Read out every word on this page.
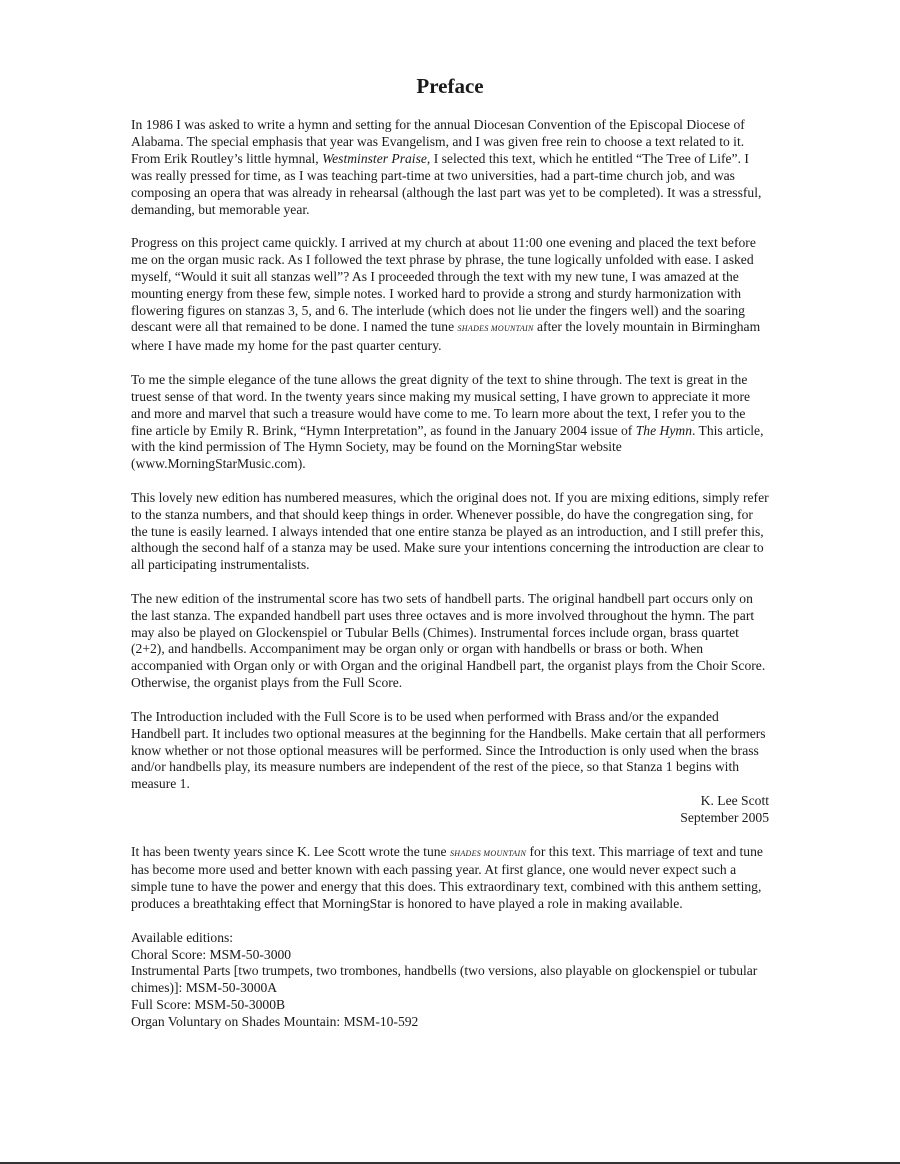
Preface

In 1986 I was asked to write a hymn and setting for the annual Diocesan Convention of the Episcopal Diocese of Alabama. The special emphasis that year was Evangelism, and I was given free rein to choose a text related to it. From Erik Routley’s little hymnal, Westminster Praise, I selected this text, which he entitled “The Tree of Life”. I was really pressed for time, as I was teaching part-time at two universities, had a part-time church job, and was composing an opera that was already in rehearsal (although the last part was yet to be completed). It was a stressful, demanding, but memorable year.

Progress on this project came quickly. I arrived at my church at about 11:00 one evening and placed the text before me on the organ music rack. As I followed the text phrase by phrase, the tune logically unfolded with ease. I asked myself, “Would it suit all stanzas well”? As I proceeded through the text with my new tune, I was amazed at the mounting energy from these few, simple notes. I worked hard to provide a strong and sturdy harmonization with flowering figures on stanzas 3, 5, and 6. The interlude (which does not lie under the fingers well) and the soaring descant were all that remained to be done. I named the tune SHADES MOUNTAIN after the lovely mountain in Birmingham where I have made my home for the past quarter century.

To me the simple elegance of the tune allows the great dignity of the text to shine through. The text is great in the truest sense of that word. In the twenty years since making my musical setting, I have grown to appreciate it more and more and marvel that such a treasure would have come to me. To learn more about the text, I refer you to the fine article by Emily R. Brink, “Hymn Interpretation”, as found in the January 2004 issue of The Hymn. This article, with the kind permission of The Hymn Society, may be found on the MorningStar website (www.MorningStarMusic.com).

This lovely new edition has numbered measures, which the original does not. If you are mixing editions, simply refer to the stanza numbers, and that should keep things in order. Whenever possible, do have the congregation sing, for the tune is easily learned. I always intended that one entire stanza be played as an introduction, and I still prefer this, although the second half of a stanza may be used. Make sure your intentions concerning the introduction are clear to all participating instrumentalists.

The new edition of the instrumental score has two sets of handbell parts. The original handbell part occurs only on the last stanza. The expanded handbell part uses three octaves and is more involved throughout the hymn. The part may also be played on Glockenspiel or Tubular Bells (Chimes). Instrumental forces include organ, brass quartet (2+2), and handbells. Accompaniment may be organ only or organ with handbells or brass or both. When accompanied with Organ only or with Organ and the original Handbell part, the organist plays from the Choir Score. Otherwise, the organist plays from the Full Score.

The Introduction included with the Full Score is to be used when performed with Brass and/or the expanded Handbell part. It includes two optional measures at the beginning for the Handbells. Make certain that all performers know whether or not those optional measures will be performed. Since the Introduction is only used when the brass and/or handbells play, its measure numbers are independent of the rest of the piece, so that Stanza 1 begins with measure 1.

K. Lee Scott

September 2005

It has been twenty years since K. Lee Scott wrote the tune SHADES MOUNTAIN for this text. This marriage of text and tune has become more used and better known with each passing year. At first glance, one would never expect such a simple tune to have the power and energy that this does. This extraordinary text, combined with this anthem setting, produces a breathtaking effect that MorningStar is honored to have played a role in making available.

Available editions:
Choral Score: MSM-50-3000
Instrumental Parts [two trumpets, two trombones, handbells (two versions, also playable on glockenspiel or tubular chimes)]: MSM-50-3000A
Full Score: MSM-50-3000B
Organ Voluntary on Shades Mountain: MSM-10-592
